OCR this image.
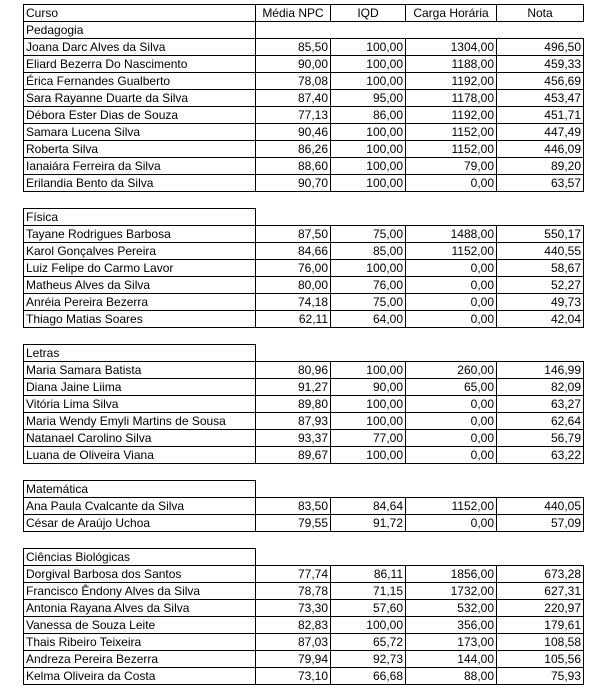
Curso	Média NPC	IQD	Carga Horária	Nota
Pedagogia				
Joana Darc Alves da Silva	85,50	100,00	1304,00	496,50
Eliard Bezerra Do Nascimento	90,00	100,00	1188,00	459,33
Érica Fernandes Gualberto	78,08	100,00	1192,00	456,69
Sara Rayanne Duarte da Silva	87,40	95,00	1178,00	453,47
Débora Ester Dias de Souza	77,13	86,00	1192,00	451,71
Samara Lucena Silva	90,46	100,00	1152,00	447,49
Roberta Silva	86,26	100,00	1152,00	446,09
Ianaiára Ferreira da Silva	88,60	100,00	79,00	89,20
Erilandia Bento da Silva	90,70	100,00	0,00	63,57

Física				
Tayane Rodrigues Barbosa	87,50	75,00	1488,00	550,17
Karol Gonçalves Pereira	84,66	85,00	1152,00	440,55
Luiz Felipe do Carmo Lavor	76,00	100,00	0,00	58,67
Matheus Alves da Silva	80,00	76,00	0,00	52,27
Anréia Pereira Bezerra	74,18	75,00	0,00	49,73
Thiago Matias Soares	62,11	64,00	0,00	42,04

Letras				
Maria Samara Batista	80,96	100,00	260,00	146,99
Diana Jaine Liima	91,27	90,00	65,00	82,09
Vitória Lima Silva	89,80	100,00	0,00	63,27
Maria Wendy Emyli Martins de Sousa	87,93	100,00	0,00	62,64
Natanael Carolino Silva	93,37	77,00	0,00	56,79
Luana de Oliveira Viana	89,67	100,00	0,00	63,22

Matemática				
Ana Paula Cvalcante da Silva	83,50	84,64	1152,00	440,05
César de Araújo Uchoa	79,55	91,72	0,00	57,09

Ciências Biológicas				
Dorgival Barbosa dos Santos	77,74	86,11	1856,00	673,28
Francisco Êndony Alves da Silva	78,78	71,15	1732,00	627,31
Antonia Rayana Alves da Silva	73,30	57,60	532,00	220,97
Vanessa de Souza Leite	82,83	100,00	356,00	179,61
Thais Ribeiro Teixeira	87,03	65,72	173,00	108,58
Andreza Pereira Bezerra	79,94	92,73	144,00	105,56
Kelma Oliveira da Costa	73,10	66,68	88,00	75,93
